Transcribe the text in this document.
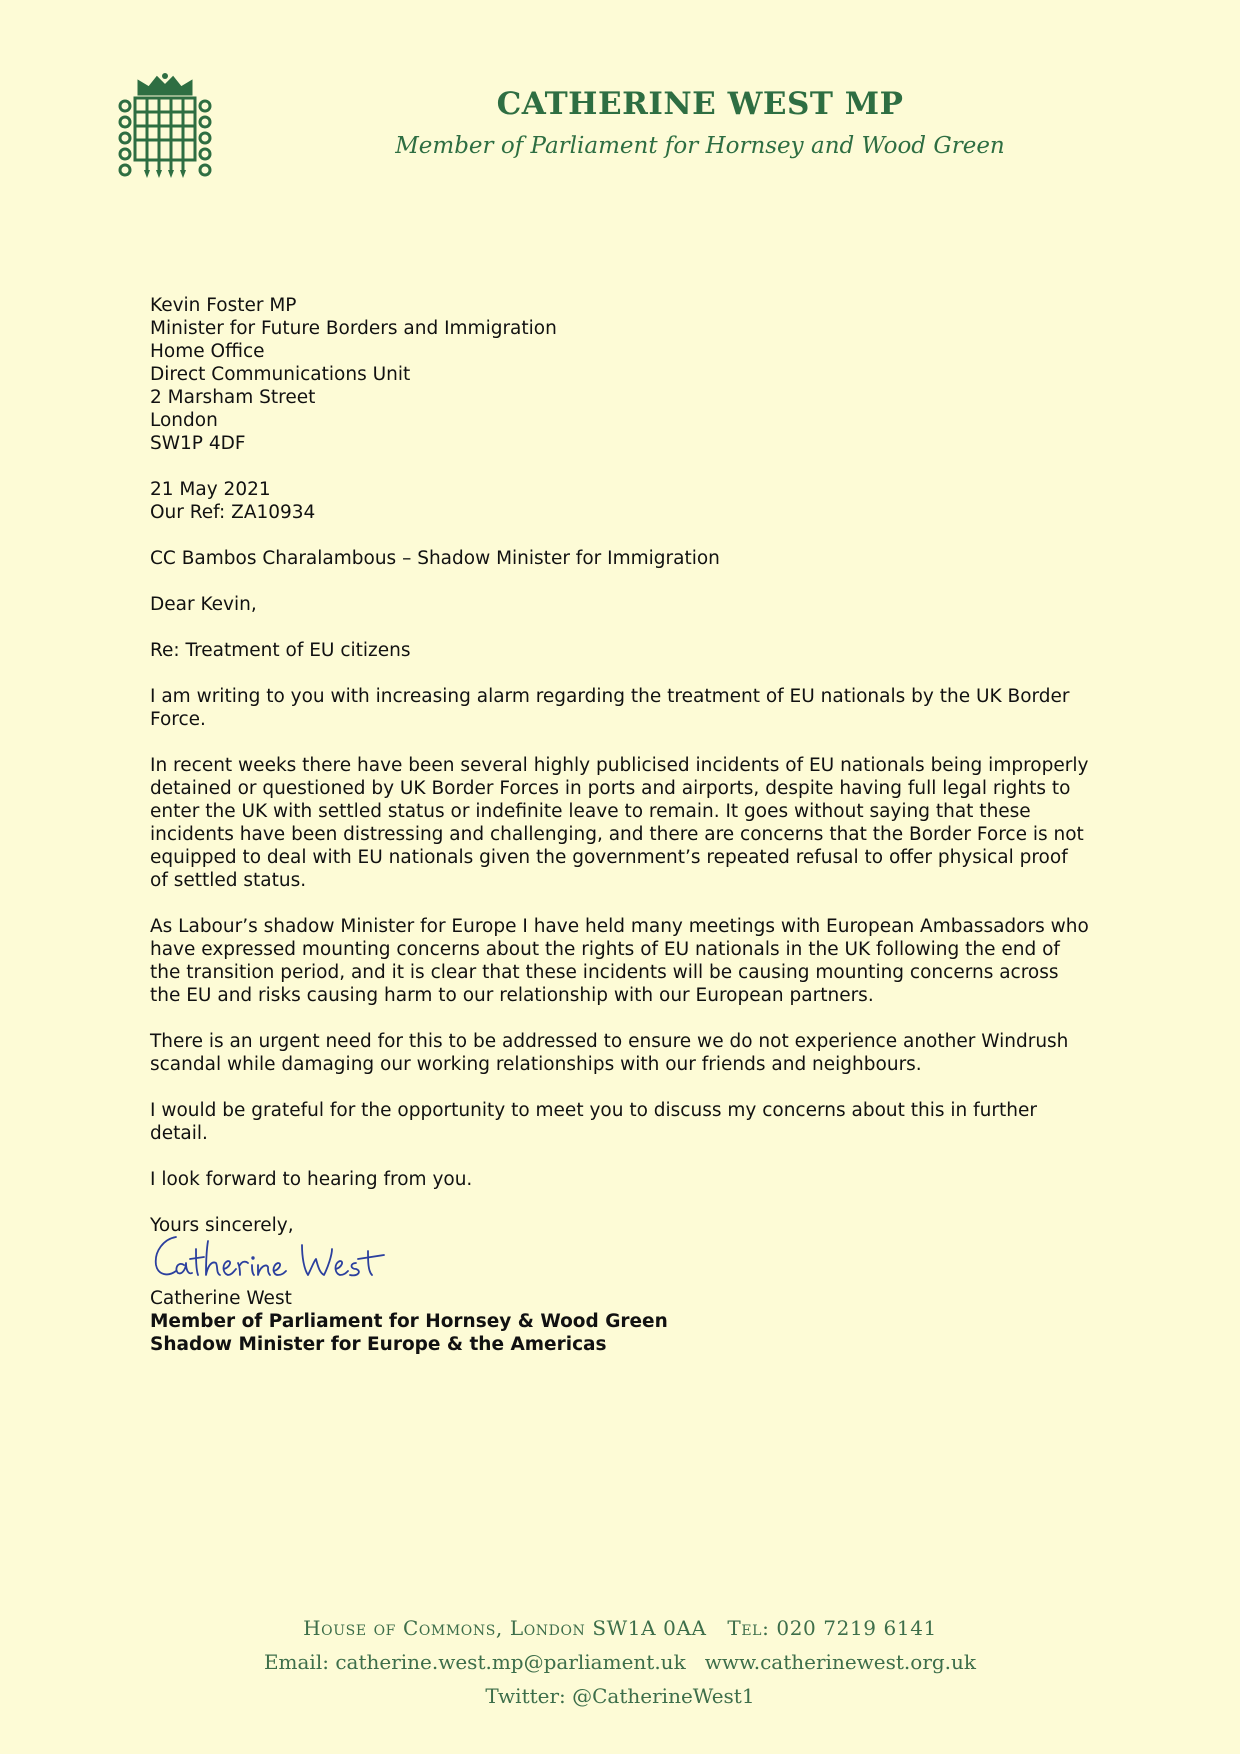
CATHERINE WEST MP
Member of Parliament for Hornsey and Wood Green

Kevin Foster MP
Minister for Future Borders and Immigration
Home Office
Direct Communications Unit
2 Marsham Street
London
SW1P 4DF

21 May 2021
Our Ref: ZA10934

CC Bambos Charalambous – Shadow Minister for Immigration

Dear Kevin,

Re: Treatment of EU citizens

I am writing to you with increasing alarm regarding the treatment of EU nationals by the UK Border Force.

In recent weeks there have been several highly publicised incidents of EU nationals being improperly detained or questioned by UK Border Forces in ports and airports, despite having full legal rights to enter the UK with settled status or indefinite leave to remain. It goes without saying that these incidents have been distressing and challenging, and there are concerns that the Border Force is not equipped to deal with EU nationals given the government’s repeated refusal to offer physical proof of settled status.

As Labour’s shadow Minister for Europe I have held many meetings with European Ambassadors who have expressed mounting concerns about the rights of EU nationals in the UK following the end of the transition period, and it is clear that these incidents will be causing mounting concerns across the EU and risks causing harm to our relationship with our European partners.

There is an urgent need for this to be addressed to ensure we do not experience another Windrush scandal while damaging our working relationships with our friends and neighbours.

I would be grateful for the opportunity to meet you to discuss my concerns about this in further detail.

I look forward to hearing from you.

Yours sincerely,
Catherine West
Member of Parliament for Hornsey & Wood Green
Shadow Minister for Europe & the Americas
House of Commons, London SW1A 0AA Tel: 020 7219 6141
Email: catherine.west.mp@parliament.uk www.catherinewest.org.uk
Twitter: @CatherineWest1
